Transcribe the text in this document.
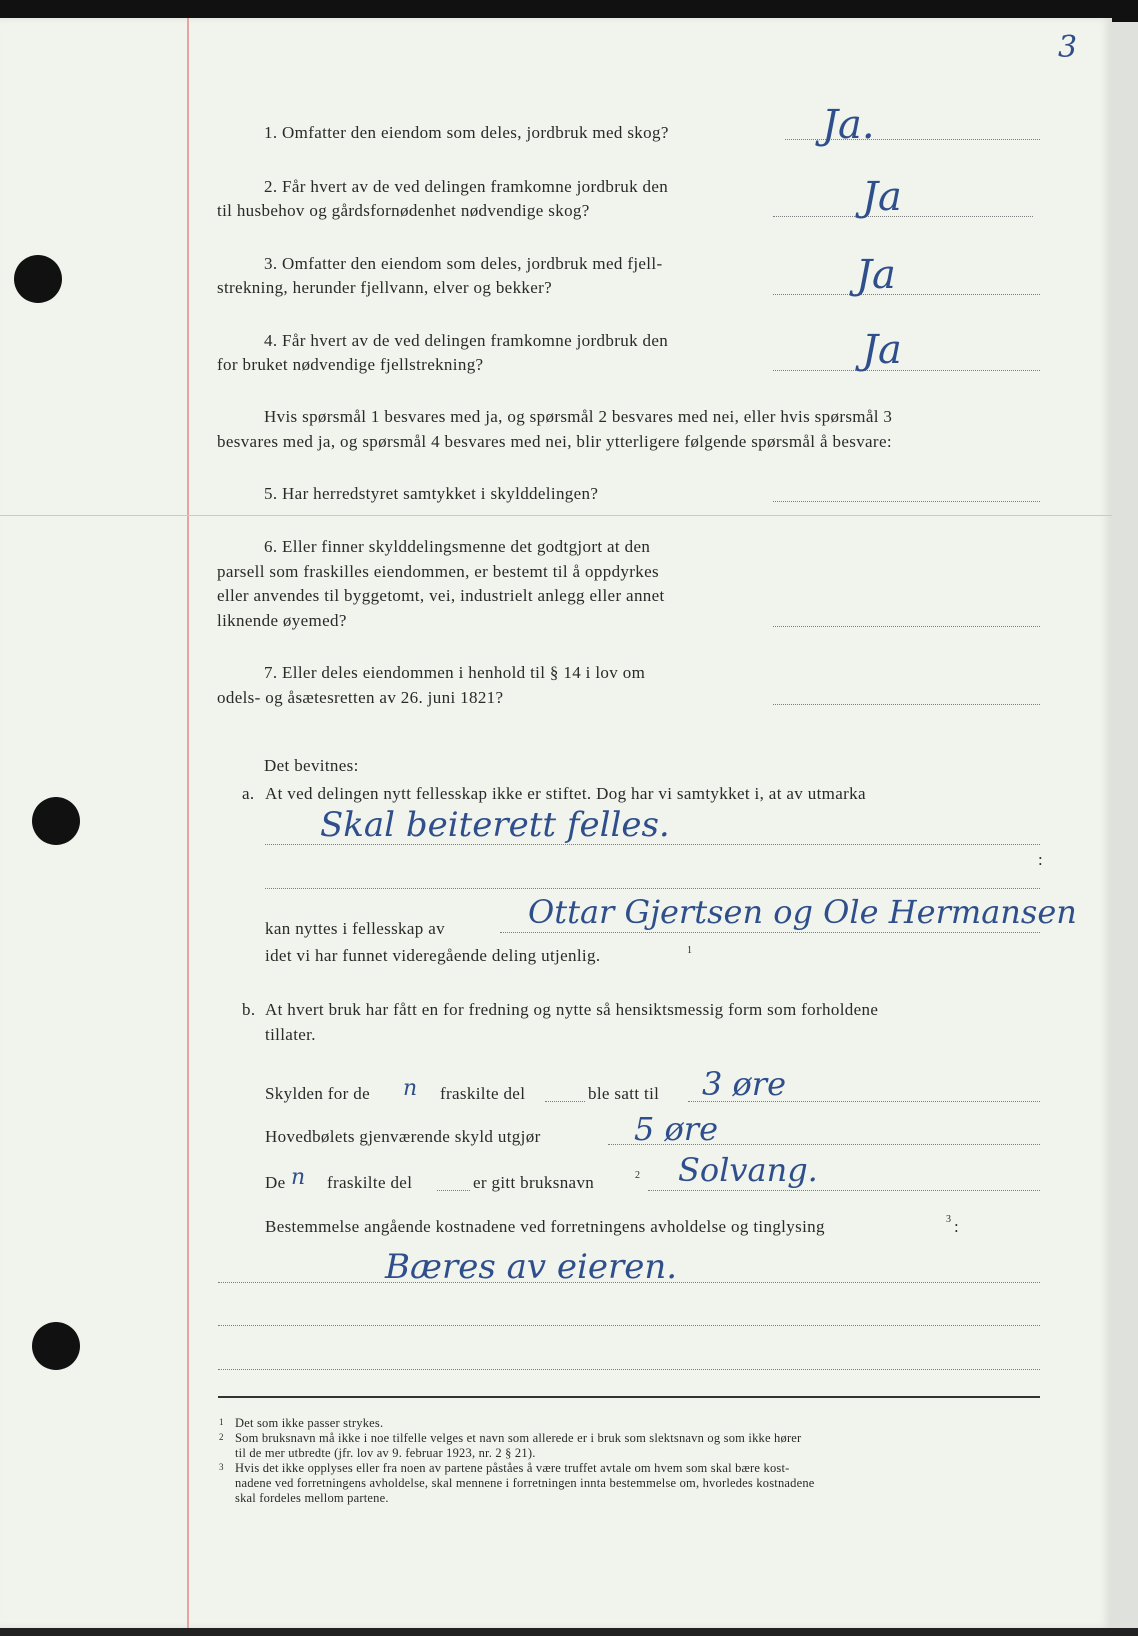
3
1. Omfatter den eiendom som deles, jordbruk med skog?	Ja.
2. Får hvert av de ved delingen framkomne jordbruk den
til husbehov og gårdsfornødenhet nødvendige skog?	Ja
3. Omfatter den eiendom som deles, jordbruk med fjell-
strekning, herunder fjellvann, elver og bekker?	Ja
4. Får hvert av de ved delingen framkomne jordbruk den
for bruket nødvendige fjellstrekning?	Ja
Hvis spørsmål 1 besvares med ja, og spørsmål 2 besvares med nei, eller hvis spørsmål 3
besvares med ja, og spørsmål 4 besvares med nei, blir ytterligere følgende spørsmål å besvare:
5. Har herredstyret samtykket i skylddelingen?
6. Eller finner skylddelingsmenne det godtgjort at den
parsell som fraskilles eiendommen, er bestemt til å oppdyrkes
eller anvendes til byggetomt, vei, industrielt anlegg eller annet
liknende øyemed?
7. Eller deles eiendommen i henhold til § 14 i lov om
odels- og åsætesretten av 26. juni 1821?
Det bevitnes:
a. At ved delingen nytt fellesskap ikke er stiftet. Dog har vi samtykket i, at av utmarka
Skal beiterett felles.
:
kan nyttes i fellesskap av	Ottar Gjertsen og Ole Hermansen
idet vi har funnet videregående deling utjenlig.	1
b. At hvert bruk har fått en for fredning og nytte så hensiktsmessig form som forholdene
tillater.
Skylden for de n fraskilte del	ble satt til 3 øre
Hovedbølets gjenværende skyld utgjør	5 øre
De n fraskilte del	er gitt bruksnavn	2 Solvang.
Bestemmelse angående kostnadene ved forretningens avholdelse og tinglysing	3 :
Bæres av eieren.
1 Det som ikke passer strykes.
2 Som bruksnavn må ikke i noe tilfelle velges et navn som allerede er i bruk som slektsnavn og som ikke hører
til de mer utbredte (jfr. lov av 9. februar 1923, nr. 2 § 21).
3 Hvis det ikke opplyses eller fra noen av partene påståes å være truffet avtale om hvem som skal bære kost-
nadene ved forretningens avholdelse, skal mennene i forretningen innta bestemmelse om, hvorledes kostnadene
skal fordeles mellom partene.
